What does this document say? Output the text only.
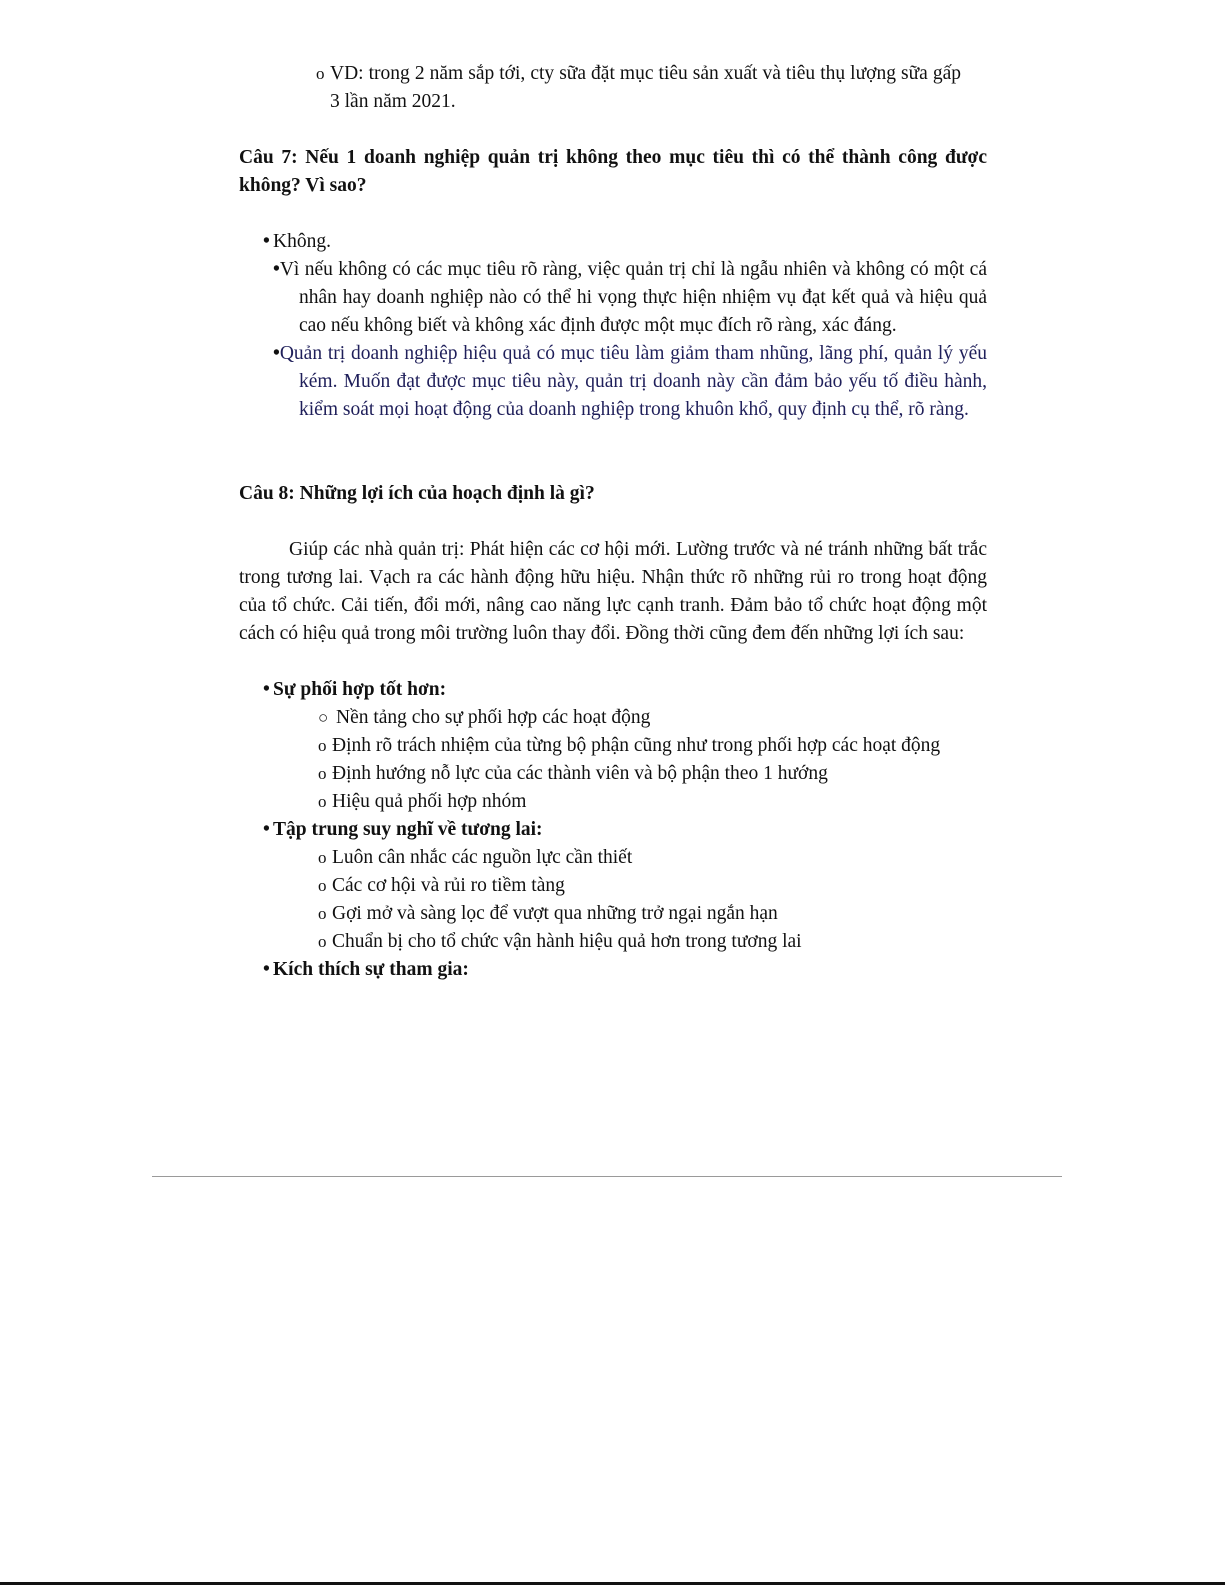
o VD: trong 2 năm sắp tới, cty sữa đặt mục tiêu sản xuất và tiêu thụ lượng sữa gấp 3 lần năm 2021.

Câu 7: Nếu 1 doanh nghiệp quản trị không theo mục tiêu thì có thể thành công được không? Vì sao?

• Không.
•Vì nếu không có các mục tiêu rõ ràng, việc quản trị chỉ là ngẫu nhiên và không có một cá nhân hay doanh nghiệp nào có thể hi vọng thực hiện nhiệm vụ đạt kết quả và hiệu quả cao nếu không biết và không xác định được một mục đích rõ ràng, xác đáng.
•Quản trị doanh nghiệp hiệu quả có mục tiêu làm giảm tham nhũng, lãng phí, quản lý yếu kém. Muốn đạt được mục tiêu này, quản trị doanh này cần đảm bảo yếu tố điều hành, kiểm soát mọi hoạt động của doanh nghiệp trong khuôn khổ, quy định cụ thể, rõ ràng.

Câu 8: Những lợi ích của hoạch định là gì?

Giúp các nhà quản trị: Phát hiện các cơ hội mới. Lường trước và né tránh những bất trắc trong tương lai. Vạch ra các hành động hữu hiệu. Nhận thức rõ những rủi ro trong hoạt động của tổ chức. Cải tiến, đổi mới, nâng cao năng lực cạnh tranh. Đảm bảo tổ chức hoạt động một cách có hiệu quả trong môi trường luôn thay đổi. Đồng thời cũng đem đến những lợi ích sau:

• Sự phối hợp tốt hơn:
○ Nền tảng cho sự phối hợp các hoạt động
o Định rõ trách nhiệm của từng bộ phận cũng như trong phối hợp các hoạt động
o Định hướng nỗ lực của các thành viên và bộ phận theo 1 hướng
o Hiệu quả phối hợp nhóm
• Tập trung suy nghĩ về tương lai:
o Luôn cân nhắc các nguồn lực cần thiết
o Các cơ hội và rủi ro tiềm tàng
o Gợi mở và sàng lọc để vượt qua những trở ngại ngắn hạn
o Chuẩn bị cho tổ chức vận hành hiệu quả hơn trong tương lai
• Kích thích sự tham gia:
